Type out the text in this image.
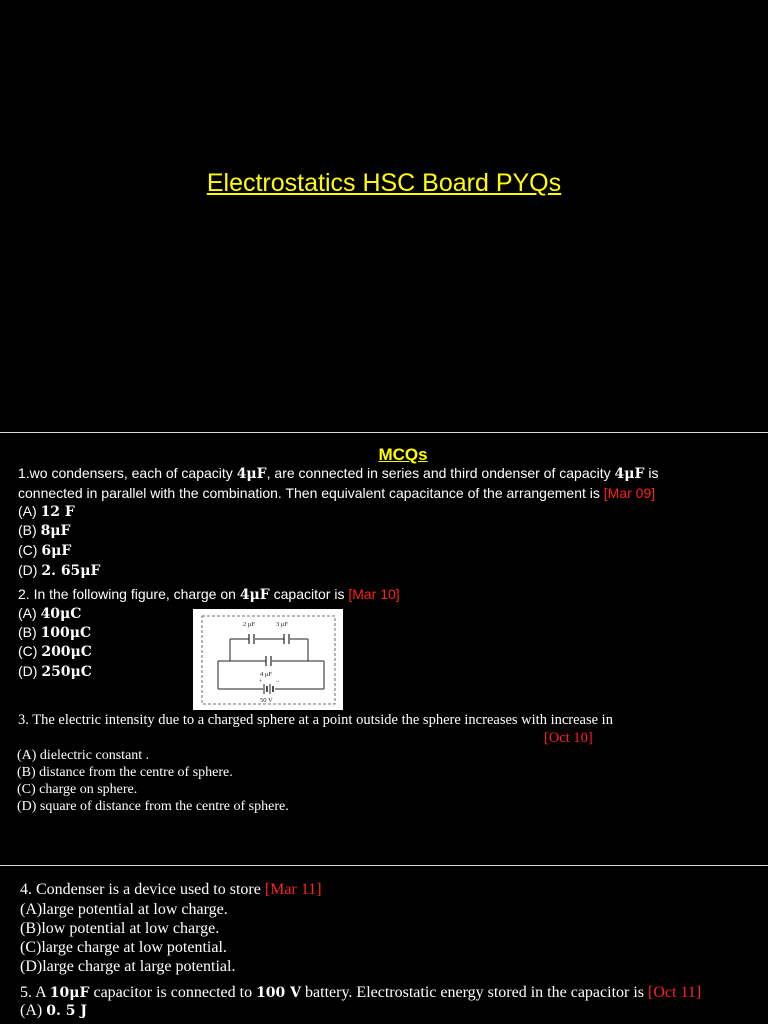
Electrostatics HSC Board PYQs
MCQs
1.wo condensers, each of capacity 4μF, are connected in series and third ondenser of capacity 4μF is
connected in parallel with the combination. Then equivalent capacitance of the arrangement is [Mar 09]
(A) 12 F
(B) 8μF
(C) 6μF
(D) 2. 65μF
2. In the following figure, charge on 4μF capacitor is [Mar 10]
(A) 40μC
(B) 100μC
(C) 200μC
(D) 250μC
+ −
2 μF	3 μF
4 μF
50 V
3. The electric intensity due to a charged sphere at a point outside the sphere increases with increase in
[Oct 10]
(A) dielectric constant .
(B) distance from the centre of sphere.
(C) charge on sphere.
(D) square of distance from the centre of sphere.
4. Condenser is a device used to store [Mar 11]
(A)large potential at low charge.
(B)low potential at low charge.
(C)large charge at low potential.
(D)large charge at large potential.
5. A 10μF capacitor is connected to 100 V battery. Electrostatic energy stored in the capacitor is [Oct 11]
(A) 0. 5 J
